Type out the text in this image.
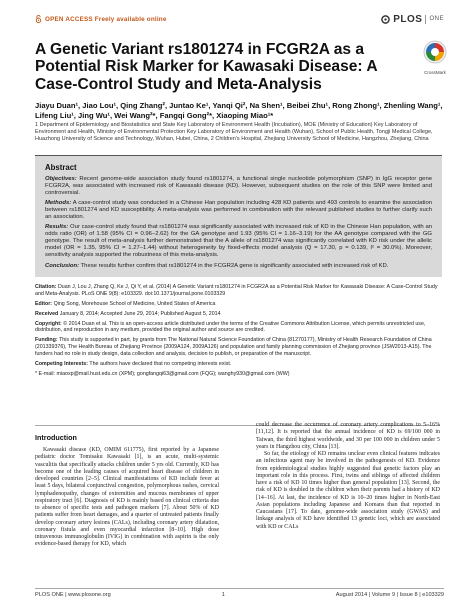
OPEN ACCESS Freely available online	PLOS ONE
A Genetic Variant rs1801274 in FCGR2A as a Potential Risk Marker for Kawasaki Disease: A Case-Control Study and Meta-Analysis
CrossMark
Jiayu Duan¹, Jiao Lou¹, Qing Zhang², Juntao Ke¹, Yanqi Qi², Na Shen¹, Beibei Zhu¹, Rong Zhong¹, Zhenling Wang¹, Lifeng Liu¹, Jing Wu¹, Wei Wang²*, Fangqi Gong²*, Xiaoping Miao¹*
1 Department of Epidemiology and Biostatistics and State Key Laboratory of Environment Health (Incubation), MOE (Ministry of Education) Key Laboratory of Environment and Health, Ministry of Environmental Protection Key Laboratory of Environment and Health (Wuhan), School of Public Health, Tongji Medical College, Huazhong University of Science and Technology, Wuhan, Hubei, China, 2 Children's Hospital, Zhejiang University School of Medicine, Hangzhou, Zhejiang, China
Abstract

Objectives: Recent genome-wide association study found rs1801274, a functional single nucleotide polymorphism (SNP) in IgG receptor gene FCGR2A, was associated with increased risk of Kawasaki disease (KD). However, subsequent studies on the role of this SNP were limited and controversial.

Methods: A case-control study was conducted in a Chinese Han population including 428 KD patients and 493 controls to examine the association between rs1801274 and KD susceptibility. A meta-analysis was performed in combination with the relevant published studies to further clarify such an association.

Results: Our case-control study found that rs1801274 was significantly associated with increased risk of KD in the Chinese Han population, with an odds ratio (OR) of 1.58 (95% CI = 0.96–2.62) for the GA genotype and 1.93 (95% CI = 1.16–3.19) for the AA genotype compared with the GG genotype. The result of meta-analysis further demonstrated that the A allele of rs1801274 was significantly correlated with KD risk under the allelic model (OR = 1.35, 95% CI = 1.27–1.44) without heterogeneity by fixed-effects model analysis (Q = 17.30, p = 0.139, I² = 30.0%). Moreover, sensitivity analysis supported the robustness of this meta-analysis.

Conclusion: These results further confirm that rs1801274 in the FCGR2A gene is significantly associated with increased risk of KD.

Citation: Duan J, Lou J, Zhang Q, Ke J, Qi Y, et al. (2014) A Genetic Variant rs1801274 in FCGR2A as a Potential Risk Marker for Kawasaki Disease: A Case-Control Study and Meta-Analysis. PLoS ONE 9(8): e103329. doi:10.1371/journal.pone.0103329

Editor: Qing Song, Morehouse School of Medicine, United States of America

Received January 8, 2014; Accepted June 29, 2014; Published August 5, 2014

Copyright: © 2014 Duan et al. This is an open-access article distributed under the terms of the Creative Commons Attribution License, which permits unrestricted use, distribution, and reproduction in any medium, provided the original author and source are credited.

Funding: This study is supported in part, by grants from The National Natural Science Foundation of China (81270177), Ministry of Health Research Foundation of China (201339376), The Health Bureau of Zhejiang Province (2009A124, 2009A126) and population and family planning commission of Zhejiang province (JSW2013-A15). The funders had no role in study design, data collection and analysis, decision to publish, or preparation of the manuscript.

Competing Interests: The authors have declared that no competing interests exist.

* E-mail: miaoxp@mail.hust.edu.cn (XPM); gongfangqi63@gmail.com (FQG); wanghy930@gmail.com (WW)

Introduction

Kawasaki disease (KD, OMIM 611775), first reported by a Japanese pediatric doctor Tomisaku Kawasaki [1], is an acute, multi-systemic vasculitis that specifically attacks children under 5 yrs old. Currently, KD has become one of the leading causes of acquired heart disease of children in developed countries [2–5]. Clinical manifestations of KD include fever at least 5 days, bilateral conjunctival congestion, polymorphous rashes, cervical lymphadenopathy, changes of extremities and mucous membranes of upper respiratory tract [6]. Diagnosis of KD is mainly based on clinical criteria due to absence of specific tests and pathogen markers [7]. About 50% of KD patients suffer from heart damages, and a quarter of untreated patients finally develop coronary artery lesions (CALs), including coronary artery dilatation, coronary fistula and even myocardial infarction [8–10]. High dose intravenous immunoglobulin (IVIG) in combination with aspirin is the only evidence-based therapy for KD, which

could decrease the occurrence of coronary artery complications to 5–16% [11,12]. It is reported that the annual incidence of KD is 69/100 000 in Taiwan, the third highest worldwide, and 30 per 100 000 in children under 5 years in Hangzhou city, China [13].

So far, the etiology of KD remains unclear even clinical features indicates an infectious agent may be involved in the pathogenesis of KD. Evidence from epidemiological studies highly suggested that genetic factors play an important role in this process. First, twins and siblings of affected children have a risk of KD 10 times higher than general population [13]. Second, the risk of KD is doubled in the children when their parents had a history of KD [14–16]. At last, the incidence of KD is 10–20 times higher in North-East Asian populations including Japanese and Koreans than that reported in Caucasians [17]. To date, genome-wide association study (GWAS) and linkage analysis of KD have identified 13 genetic loci, which are associated with KD or CALs

PLOS ONE | www.plosone.org	1	August 2014 | Volume 9 | Issue 8 | e103329
